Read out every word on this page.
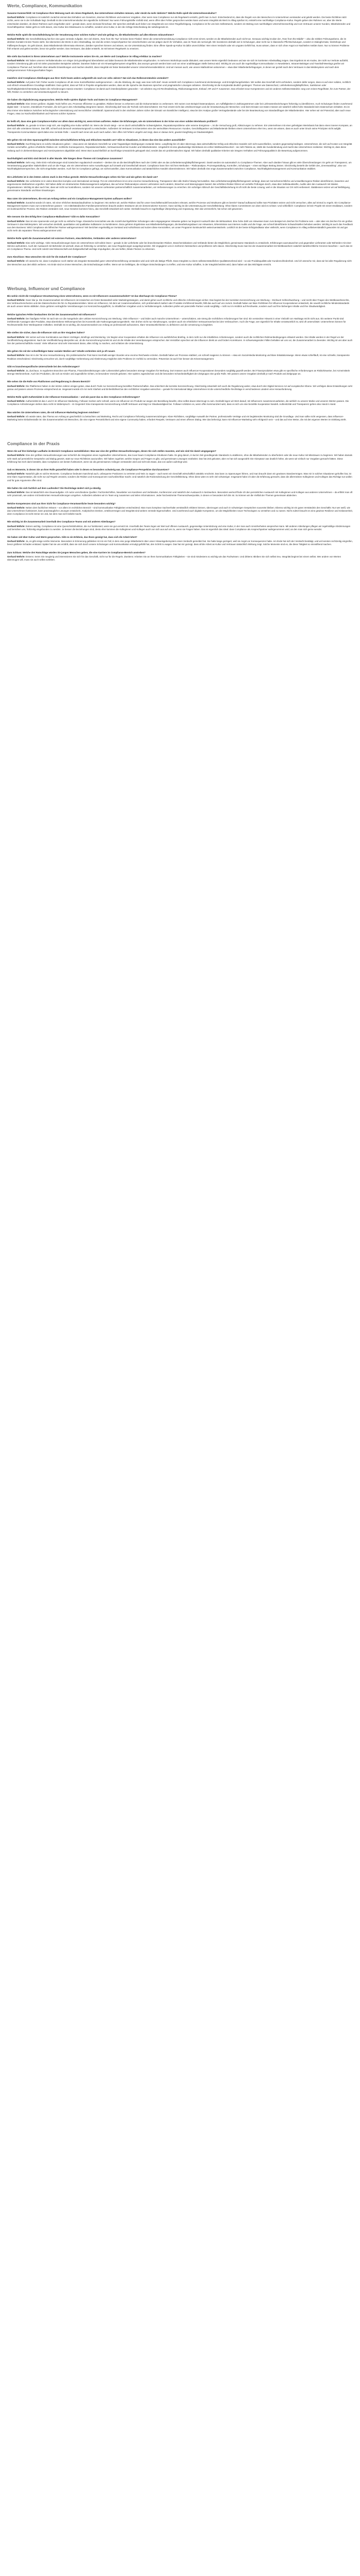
Werte, Compliance, Kommunikation

Susanne Kummerfeldt: Ist Compliance Ihrer Meinung nach ein reines Regelwerk, das Unternehmen einhalten müssen, oder steckt da mehr dahinter? Welche Rolle spielt die Unternehmenskultur?

Gerhard Wöhrle: Compliance ist natürlich zunächst einmal das Einhalten von Gesetzen, internen Richtlinien und externen Vorgaben. Aber wenn man Compliance nur als Regelwerk versteht, greift man zu kurz. Entscheidend ist, dass die Regeln von den Menschen im Unternehmen verstanden und gelebt werden. Die beste Richtlinie nützt nichts, wenn sie in der Schublade liegt. Deshalb ist die Unternehmenskultur der eigentliche Schlüssel: Nur wenn Führungskräfte Vorbild sind, wenn offen über Fehler gesprochen werden kann und wenn Integrität als Wert im Alltag spürbar ist, entsteht eine nachhaltige Compliance-Kultur. Regeln geben den Rahmen vor, aber die Werte entscheiden darüber, ob dieser Rahmen auch eingehalten wird – gerade dann, wenn niemand hinschaut. Wir sprechen deshalb auch lieber von Integrität als von reiner Regelbefolgung. Compliance ist für uns kein Selbstzweck, sondern ein Beitrag zum nachhaltigen Unternehmenserfolg und zum Vertrauen unserer Kunden, Mitarbeitenden und Geschäftspartner. Dabei geht es nicht darum, eine Kultur des Misstrauens zu schaffen, sondern eine Kultur, in der die richtige Entscheidung die naheliegende ist.

Welche Rolle spielt die Geschäftsleitung bei der Verankerung einer solchen Kultur? Und wie gelingt es, die Mitarbeitenden auf allen Ebenen mitzunehmen?

Gerhard Wöhrle: Die Geschäftsleitung hat hier eine ganz zentrale Aufgabe. Der viel zitierte „Tone from the Top“ ist keine leere Floskel. Wenn die Unternehmensleitung Compliance nicht ernst nimmt, werden es die Mitarbeitenden auch nicht tun. Genauso wichtig ist aber der „Tone from the Middle“ – also die mittlere Führungsebene, die im direkten Kontakt mit den Teams steht. Sie übersetzen die Werte in den Arbeitsalltag, sie sind die ersten Ansprechpartner bei Unsicherheiten und sie prägen durch ihr Verhalten, was im Team als normal gilt. Wir investieren deshalb viel in Schulungen, aber nicht nur in klassische Pflichtschulungen, sondern in Dialogformate, Workshops und Fallbesprechungen. Es geht darum, dass Mitarbeitende Dilemmata erkennen, darüber sprechen können und wissen, wo sie Unterstützung finden. Eine offene Speak-up-Kultur ist dafür unverzichtbar: Wer einen Verdacht oder ein ungutes Gefühl hat, muss wissen, dass er sich ohne Angst vor Nachteilen melden kann. Nur so können Probleme früh erkannt und gelöst werden, bevor sie größer werden. Das Vertrauen, das dabei entsteht, ist mit keinem Regelwerk zu ersetzen.

Wie sieht das konkret in Ihrem Unternehmen aus? Welche Instrumente setzen Sie ein, um Werte und Compliance im Alltag erlebbar zu machen?

Gerhard Wöhrle: Wir haben unseren Verhaltenskodex vor einiger Zeit grundlegend überarbeitet und dabei bewusst die Mitarbeitenden eingebunden. In mehreren Workshops wurde diskutiert, was unsere Werte eigentlich bedeuten und wie sie sich im konkreten Arbeitsalltag zeigen. Das Ergebnis ist ein Kodex, der nicht nur Verbote aufzählt, sondern Orientierung gibt und mit vielen praxisnahen Beispielen arbeitet. Daneben haben wir ein Hinweisgebersystem eingeführt, das anonym genutzt werden kann und von einer unabhängigen Stelle betreut wird. Wichtig ist uns auch die regelmäßige Kommunikation: In Newslettern, Intranet-Beiträgen und Townhall-Meetings greifen wir Compliance-Themen auf, berichten über aktuelle Entwicklungen und machen deutlich, dass Integrität ein fester Bestandteil unserer Unternehmensidentität ist. Und wir messen auch, wie unsere Maßnahmen ankommen – etwa über Mitarbeiterbefragungen, in denen wir gezielt nach dem Vertrauen in das Meldesystem und nach dem wahrgenommenen Führungsverhalten fragen.

Inwiefern sind Compliance-Abteilungen aus Ihrer Sicht heute anders aufgestellt als noch vor zehn Jahren? Hat sich das Rollenverständnis verändert?

Gerhard Wöhrle: Auf jeden Fall. Früher wurde Compliance oft als reine Kontrollfunktion wahrgenommen – als die Abteilung, die sagt, was man nicht darf. Heute versteht sich Compliance zunehmend als Beratungs- und Ermöglichungsfunktion. Wir wollen das Geschäft nicht verhindern, sondern dafür sorgen, dass es auf einer soliden, rechtlich und ethisch einwandfreien Grundlage stattfindet. Dazu gehört, dass wir früh in Projekte eingebunden werden, dass wir die Sprache des Business sprechen und pragmatische Lösungen anbieten. Gleichzeitig ist die Komplexität deutlich gestiegen: Themen wie Datenschutz, Lieferkettensorgfaltspflichten, Sanktionen oder Nachhaltigkeitsberichterstattung haben die Anforderungen massiv erweitert. Compliance ist damit auch interdisziplinärer geworden – wir arbeiten eng mit Rechtsabteilung, Risikomanagement, Einkauf, HR und IT zusammen. Das erfordert neue Kompetenzen und ein anderes Selbstverständnis: weg vom reinen Regelhüter, hin zum Partner, der hilft, Risiken zu verstehen und verantwortungsvoll zu steuern.

Sie haben die Digitalisierung angesprochen. Welche Rolle spielen digitale Tools und Daten im Compliance-Management?

Gerhard Wöhrle: Eine immer größere. Digitale Tools helfen uns, Prozesse effizienter zu gestalten, Risiken besser zu erkennen und die Dokumentation zu verbessern. Wir nutzen zum Beispiel Datenanalysen, um Auffälligkeiten in Zahlungsströmen oder bei Lieferantenbeziehungen frühzeitig zu identifizieren. Auch Schulungen finden zunehmend digital statt – in kurzen, interaktiven Formaten, die sich gut in den Arbeitsalltag integrieren lassen. Gleichzeitig darf man die Technik nicht überschätzen: Ein Tool ersetzt nicht das Urteilsvermögen und die Verantwortung der Menschen. Und beim Einsatz von Daten müssen wir natürlich selbst hohe Standards beim Datenschutz einhalten. Es ist also immer eine Balance zwischen technologischer Unterstützung und menschlicher Urteilskraft. Spannend wird in den nächsten Jahren sicher der Einsatz von künstlicher Intelligenz, etwa bei der Analyse großer Vertragsbestände oder bei der Beantwortung von Standardfragen der Mitarbeitenden. Hier sehen wir viel Potenzial, aber auch neue Fragen, etwa zur Nachvollziehbarkeit und Fairness solcher Systeme.

Es heißt oft, dass eine gute Compliance-Kultur vor allem dann wichtig ist, wenn Krisen auftreten. Haben Sie Erfahrungen, wie ein Unternehmen in der Krise von einer soliden Wertebasis profitiert?

Gerhard Wöhrle: Ja, gerade in Krisen zeigt sich, wie tragfähig eine Kultur wirklich ist. Wenn der Druck steigt – sei es durch wirtschaftliche Schwierigkeiten, Reputationsprobleme oder externe Ereignisse –, ist die Versuchung groß, Abkürzungen zu nehmen. Ein Unternehmen mit einer gefestigten Wertebasis hat dann einen inneren Kompass, an dem sich alle orientieren können. Das hilft, schnell und dennoch verantwortungsvoll zu entscheiden. Außerdem ist Vertrauen in Krisenzeiten eine der wertvollsten Ressourcen: Kunden, Geschäftspartner und Mitarbeitende bleiben einem Unternehmen eher treu, wenn sie wissen, dass es auch unter Druck seine Prinzipien nicht aufgibt. Transparente Kommunikation spielt dabei eine zentrale Rolle – sowohl nach innen als auch nach außen. Wer offen mit Fehlern umgeht und zeigt, dass er daraus lernt, gewinnt langfristig an Glaubwürdigkeit.

Wie gehen Sie mit dem Spannungsfeld zwischen wirtschaftlichem Erfolg und ethischem Handeln um? Gibt es Situationen, in denen das eine das andere ausschließt?

Gerhard Wöhrle: Kurzfristig kann es solche Situationen geben – etwa wenn ein lukratives Geschäft nur unter fragwürdigen Bedingungen zustande käme. Langfristig bin ich aber überzeugt, dass wirtschaftlicher Erfolg und ethisches Handeln sich nicht ausschließen, sondern gegenseitig bedingen. Unternehmen, die sich auf Kosten von Integrität Vorteile verschaffen, gehen erhebliche Risiken ein: rechtliche Konsequenzen, Reputationsschäden, Vertrauensverlust bei Kunden und Mitarbeitenden. Umgekehrt ist eine glaubwürdige Wertebasis ein echter Wettbewerbsvorteil – sie zieht Talente an, stärkt die Kundenbindung und macht das Unternehmen resilienter. Wichtig ist, dass diese Haltung auch in Zielvereinbarungen und Anreizsystemen abgebildet wird. Wenn Boni ausschließlich an kurzfristige Umsatzziele gekoppelt sind, sendet das ein problematisches Signal. Wir haben deshalb qualitative Kriterien wie integres Verhalten und Führungsqualität in die Bewertung aufgenommen.

Nachhaltigkeit und ESG sind derzeit in aller Munde. Wie hängen diese Themen mit Compliance zusammen?

Gerhard Wöhrle: Sehr eng. Viele ESG-Anforderungen sind inzwischen regulatorisch verankert – denken Sie an die Berichtspflichten nach der CSRD oder an das Lieferkettensorgfaltspflichtengesetz. Damit werden sie automatisch zu Compliance-Themen. Aber auch darüber hinaus gibt es viele Überschneidungen: Es geht um Transparenz, um Verantwortung gegenüber Stakeholdern und um die Frage, wie ein Unternehmen seine Auswirkungen auf Umwelt und Gesellschaft steuert. Compliance kann hier mit ihren Methoden – Risikoanalyse, Prozessgestaltung, Kontrollen, Schulungen – einen wichtigen Beitrag leisten. Gleichzeitig besteht die Gefahr des „Greenwashing“, also von Nachhaltigkeitsversprechen, die nicht eingehalten werden. Auch hier ist Compliance gefragt, um sicherzustellen, dass Kommunikation und tatsächliches Handeln übereinstimmen. Wir haben deshalb eine enge Zusammenarbeit zwischen Compliance, Nachhaltigkeitsmanagement und Kommunikation etabliert.

Die Lieferkette ist in den letzten Jahren stark in den Fokus gerückt. Welche Herausforderungen sehen Sie hier und wie gehen Sie damit um?

Gerhard Wöhrle: Die Lieferkette ist in vielen Branchen komplex und international verzweigt. Für ein Unternehmen ist es eine enorme Herausforderung, Transparenz über alle Stufen hinweg herzustellen. Das Lieferkettensorgfaltspflichtengesetz verlangt, dass wir menschenrechtliche und umweltbezogene Risiken identifizieren, bewerten und angemessene Maßnahmen ergreifen. Wir haben dafür ein strukturiertes Risikomanagement aufgebaut, das auf einer Risikoanalyse unserer Lieferanten nach Ländern, Branchen und Warengruppen basiert. Bei erhöhten Risiken führen wir vertiefte Prüfungen durch, etwa über Selbstauskünfte, Audits oder den Austausch mit lokalen Organisationen. Wichtig ist aber auch hier, dass wir nicht nur kontrollieren, sondern mit unseren Lieferanten partnerschaftlich zusammenarbeiten, um Verbesserungen zu erreichen. Ein sofortiger Abbruch der Geschäftsbeziehung ist oft nicht die beste Lösung, weil er die Situation vor Ort nicht verbessert. Stattdessen setzen wir auf Befähigung, gemeinsame Standards und klare Erwartungen.

Was raten Sie Unternehmen, die erst am Anfang stehen und ein Compliance-Management-System aufbauen wollen?

Gerhard Wöhrle: Zunächst würde ich raten, mit einer ehrlichen Bestandsaufnahme zu beginnen: Wo stehen wir, welche Risiken sind für unser Geschäftsmodell besonders relevant, welche Prozesse und Strukturen gibt es bereits? Darauf aufbauend sollte man Prioritäten setzen und nicht versuchen, alles auf einmal zu regeln. Ein Compliance-Management-System muss zum Unternehmen passen – ein mittelständisches Familienunternehmen braucht andere Strukturen als ein börsennotierter Konzern. Ganz wichtig ist die Unterstützung der Geschäftsleitung: Ohne klares Commitment von oben wird es schwer. Und schließlich: Compliance ist kein Projekt mit einem Enddatum, sondern ein kontinuierlicher Prozess. Die Risiken verändern sich, neue Gesetze kommen hinzu, das Geschäft entwickelt sich weiter. Deshalb braucht es regelmäßige Überprüfung und Anpassung. Wer das verinnerlicht, hat schon viel gewonnen.

Wie messen Sie den Erfolg Ihrer Compliance-Maßnahmen? Gibt es dafür Kennzahlen?

Gerhard Wöhrle: Das ist eine spannende und gar nicht so einfache Frage. Klassische Kennzahlen wie die Anzahl durchgeführter Schulungen oder eingegangener Hinweise geben nur begrenzt Auskunft über die Wirksamkeit. Eine hohe Zahl von Hinweisen kann zum Beispiel ein Zeichen für Probleme sein – oder aber ein Zeichen für ein großes Vertrauen in das Meldesystem. Wir versuchen deshalb, quantitative und qualitative Indikatoren zu kombinieren. Dazu gehören Ergebnisse aus Mitarbeiterbefragungen, die Bearbeitungsdauer von Hinweisen, Erkenntnisse aus internen Audits und die Frage, wie schnell identifizierte Schwachstellen behoben werden. Wichtig ist auch das Feedback aus dem Business: Wird Compliance als hilfreicher Partner wahrgenommen? Wir berichten regelmäßig an Vorstand und Aufsichtsrat und nutzen diese Kennzahlen, um unser Programm kontinuierlich weiterzuentwickeln. Letztlich ist der beste Erfolgsindikator aber vielleicht, wenn Compliance im Alltag selbstverständlich geworden ist und gar nicht mehr als separates Thema wahrgenommen wird.

Welche Rolle spielt die Zusammenarbeit mit externen Partnern, etwa Behörden, Verbänden oder anderen Unternehmen?

Gerhard Wöhrle: Eine sehr wichtige. Viele Herausforderungen kann ein Unternehmen nicht allein lösen – gerade in der Lieferkette oder bei branchenweiten Risiken. Brancheninitiativen und Verbände bieten die Möglichkeit, gemeinsame Standards zu entwickeln, Erfahrungen auszutauschen und gegenüber Lieferanten oder Behörden mit einer Stimme aufzutreten. Auch der Austausch mit Behörden ist wertvoll, etwa um frühzeitig zu verstehen, wie neue Regulierungen ausgelegt werden. Wir engagieren uns in mehreren Netzwerken und profitieren sehr davon. Gleichzeitig muss man bei der Zusammenarbeit mit Wettbewerbern natürlich kartellrechtliche Grenzen beachten – auch das ist ein Compliance-Thema. Und nicht zuletzt sind Wissenschaft und Zivilgesellschaft wichtige Impulsgeber, die uns helfen, blinde Flecken zu erkennen.

Zum Abschluss: Was wünschen Sie sich für die Zukunft der Compliance?

Gerhard Wöhrle: Ich wünsche mir, dass Compliance noch stärker als integraler Bestandteil guter Unternehmensführung verstanden wird und nicht als lästige Pflicht. Dass Integrität zu einem selbstverständlichen Qualitätsmerkmal wird – so wie Produktqualität oder Kundenzufriedenheit. Und ich wünsche mir, dass wir bei aller Regulierung nicht den Menschen aus dem Blick verlieren. Am Ende sind es immer Menschen, die Entscheidungen treffen. Wenn wir sie befähigen, die richtigen Entscheidungen zu treffen, und eine Kultur schaffen, in der Integrität belohnt wird, dann haben wir das Wichtigste erreicht.

Werbung, Influencer und Compliance

Bis wohin reicht die Compliance-Verantwortung eines Unternehmens, wenn es mit Influencern zusammenarbeitet? Ist das überhaupt ein Compliance-Thema?

Gerhard Wöhrle: Ganz klar ja. Die Zusammenarbeit mit Influencern ist inzwischen ein fester Bestandteil vieler Marketingstrategien, und damit gehen auch rechtliche und ethische Anforderungen einher. Das beginnt bei der korrekten Kennzeichnung von Werbung – Stichwort Schleichwerbung – und reicht über Fragen des Wettbewerbsrechts, des Verbraucherschutzes und des Datenschutzes bis hin zu Reputationsrisiken. Wenn ein Influencer, mit dem wir zusammenarbeiten, sich problematisch äußert oder Produkte irreführend bewirbt, fällt das auch auf uns zurück. Deshalb haben wir klare Richtlinien für Influencer-Kooperationen entwickelt, die sowohl rechtliche Mindeststandards als auch unsere Werte abbilden. Dazu gehören vertragliche Vereinbarungen zur Kennzeichnungspflicht, zu inhaltlichen Vorgaben und zu Verhaltensregeln. Außerdem prüfen wir potenzielle Partner vorab sorgfältig – nicht nur im Hinblick auf Reichweite, sondern auch auf ihre bisherigen Inhalte und ihre Glaubwürdigkeit.

Welche typischen Fehler beobachten Sie bei der Zusammenarbeit mit Influencern?

Gerhard Wöhrle: Der häufigste Fehler ist nach wie vor die mangelnde oder unklare Kennzeichnung von Werbung. Viele Influencer – und leider auch manche Unternehmen – unterschätzen, wie streng die rechtlichen Anforderungen hier sind. Ein versteckter Hinweis in einer Vielzahl von Hashtags reicht nicht aus. Ein weiterer Punkt sind irreführende Aussagen über Produkte, etwa übertriebene Wirkversprechen bei Kosmetik oder Nahrungsergänzungsmitteln. Hier drohen nicht nur Abmahnungen, sondern auch ein erheblicher Vertrauensverlust bei den Verbrauchern. Auch die Frage, wer eigentlich für Inhalte verantwortlich ist, wird oft unterschätzt: Unternehmen können für Rechtsverstöße ihrer Werbepartner mithaften. Deshalb ist es wichtig, die Zusammenarbeit von Anfang an professionell aufzusetzen, klare Verantwortlichkeiten zu definieren und die Umsetzung zu begleiten.

Wie stellen Sie sicher, dass die Influencer sich an Ihre Vorgaben halten?

Gerhard Wöhrle: Wir setzen auf eine Kombination aus klaren Verträgen, Briefings und Monitoring. Vor Beginn einer Kooperation erhalten die Influencer ein ausführliches Briefing, in dem nicht nur die inhaltlichen Anforderungen, sondern auch die rechtlichen Rahmenbedingungen erläutert werden. Die Inhalte werden in der Regel vor der Veröffentlichung abgestimmt. Nach der Veröffentlichung überprüfen wir, ob die Kennzeichnung korrekt ist und ob die Inhalte den Vereinbarungen entsprechen. Bei Verstößen sprechen wir die Influencer direkt an und fordern Korrekturen. In schwerwiegenden Fällen behalten wir uns vor, die Zusammenarbeit zu beenden. Wichtig ist uns aber auch hier der partnerschaftliche Ansatz: Viele Influencer sind sehr interessiert daran, alles richtig zu machen, und schätzen die Unterstützung.

Wie gehen Sie mit der schnelllebigen Natur sozialer Medien um? Inhalte verbreiten sich ja oft rasant.

Gerhard Wöhrle: Das ist in der Tat eine Herausforderung. Ein problematischer Post kann innerhalb weniger Stunden eine enorme Reichweite erzielen. Deshalb haben wir Prozesse etabliert, um schnell reagieren zu können – etwa ein Social-Media-Monitoring und klare Eskalationswege. Wenn etwas schiefläuft, ist eine schnelle, transparente Reaktion entscheidend. Gleichzeitig versuchen wir, durch sorgfältige Vorbereitung und Abstimmung möglichst viele Probleme im Vorfeld zu vermeiden. Prävention ist auch hier besser als Krisenmanagement.

Gibt es branchenspezifische Unterschiede bei den Anforderungen?

Gerhard Wöhrle: Ja, durchaus. In regulierten Branchen wie Pharma, Finanzdienstleistungen oder Lebensmittel gelten besonders strenge Vorgaben für Werbung. Dort müssen auch Influencer-Kooperationen besonders sorgfältig geprüft werden. Bei Finanzprodukten etwa gibt es spezifische Anforderungen an Risikohinweise, bei Arzneimitteln strenge Werbeverbote. Auch bei Produkten, die sich an Kinder und Jugendliche richten, ist besondere Vorsicht geboten. Hier spielen Jugendschutz und die besondere Schutzbedürftigkeit der Zielgruppe eine große Rolle. Wir passen unsere Vorgaben deshalb je nach Produkt und Zielgruppe an.

Wie sehen Sie die Rolle von Plattformen und Regulierung in diesem Bereich?

Gerhard Wöhrle: Die Plattformen haben in den letzten Jahren einiges getan, etwa durch Tools zur Kennzeichnung bezahlter Partnerschaften. Das erleichtert die korrekte Kennzeichnung. Gleichzeitig entwickelt sich auch die Regulierung weiter, etwa durch den Digital Services Act auf europäischer Ebene. Wir verfolgen diese Entwicklungen sehr genau und passen unsere Prozesse entsprechend an. Insgesamt würde ich mir mehr Klarheit und Einheitlichkeit bei den rechtlichen Vorgaben wünschen – gerade für international tätige Unternehmen ist die unterschiedliche Rechtslage in verschiedenen Ländern eine Herausforderung.

Welche Rolle spielt Authentizität in der Influencer-Kommunikation – und wie passt das zu den Compliance-Anforderungen?

Gerhard Wöhrle: Authentizität ist das A und O im Influencer-Marketing. Follower merken sehr schnell, wenn ein Influencer ein Produkt nur wegen der Bezahlung bewirbt, ohne selbst davon überzeugt zu sein. Deshalb legen wir Wert darauf, mit Influencern zusammenzuarbeiten, die wirklich zu unserer Marke und unseren Werten passen. Die Compliance-Anforderungen stehen dazu nicht im Widerspruch – im Gegenteil: Eine transparente Kennzeichnung schafft Vertrauen und trägt zur Glaubwürdigkeit bei. Follower schätzen es, wenn offen kommuniziert wird, dass es sich um eine bezahlte Kooperation handelt. Authentizität und Transparenz gehen also Hand in Hand.

Was würden Sie Unternehmen raten, die mit Influencer-Marketing beginnen möchten?

Gerhard Wöhrle: Ich würde raten, das Thema von Anfang an ganzheitlich zu betrachten und Marketing, Recht und Compliance frühzeitig zusammenzubringen. Klare Richtlinien, sorgfältige Auswahl der Partner, professionelle Verträge und ein begleitendes Monitoring sind die Grundlage. Und man sollte nicht vergessen, dass Influencer-Marketing keine Einbahnstraße ist: Die Zusammenarbeit mit Menschen, die eine eigene Persönlichkeit und eine eigene Community haben, erfordert Respekt, Vertrauen und einen offenen Dialog. Wer das beherzigt, kann mit Influencer-Marketing sehr erfolgreich sein – und das auf eine Weise, die mit den eigenen Werten im Einklang steht.

Compliance in der Praxis

Wenn Sie auf Ihre bisherige Laufbahn im Bereich Compliance zurückblicken: Was war eine der größten Herausforderungen, denen Sie sich stellen mussten, und wie sind Sie damit umgegangen?

Gerhard Wöhrle: Eine der größten Herausforderungen war sicherlich die Integration eines zugekauften Unternehmens, das zuvor kaum Compliance-Strukturen hatte. Es ging darum, in kurzer Zeit grundlegende Standards zu etablieren, ohne die Mitarbeitenden zu überfordern oder die neue Kultur mit Misstrauen zu beginnen. Wir haben damals sehr stark auf persönliche Gespräche und Dialog gesetzt, statt nur neue Richtlinien auszurollen. Wir haben zugehört, welche Sorgen und Fragen es gibt, und gemeinsam Lösungen erarbeitet. Das hat Zeit gekostet, aber es hat sich ausgezahlt: Die Akzeptanz war deutlich höher, als wenn wir einfach nur Vorgaben gemacht hätten. Diese Erfahrung hat mich darin bestärkt, dass Compliance am besten funktioniert, wenn sie als gemeinsames Anliegen verstanden wird und nicht als etwas, das von außen auferlegt wird.

Gab es Momente, in denen Sie an Ihrer Rolle gezweifelt haben oder in denen es besonders schwierig war, die Compliance-Perspektive durchzusetzen?

Gerhard Wöhrle: Natürlich gibt es solche Momente. Compliance bedeutet manchmal auch, unbequeme Positionen zu vertreten und Nein zu sagen – auch wenn ein Geschäft wirtschaftlich attraktiv erscheint. Das kann zu Spannungen führen, und man braucht dann ein gewisses Standvermögen. Was mir in solchen Situationen geholfen hat, ist eine klare Argumentation, die nicht nur auf Regeln verweist, sondern die Risiken und Konsequenzen nachvollziehbar macht. Und natürlich die Rückendeckung der Geschäftsleitung. Ohne diese wäre es sehr viel schwieriger. Insgesamt habe ich aber die Erfahrung gemacht, dass die allermeisten Kolleginnen und Kollegen das Richtige tun wollen und für gute Argumente offen sind.

Wie halten Sie sich fachlich auf dem Laufenden? Die Rechtslage ändert sich ja ständig.

Gerhard Wöhrle: Das ist tatsächlich eine Daueraufgabe. Ich nutze verschiedene Quellen: Fachzeitschriften, Newsletter von Kanzleien und Verbänden, Konferenzen und natürlich den Austausch in Netzwerken. Besonders wertvoll finde ich den persönlichen Austausch mit Kolleginnen und Kollegen aus anderen Unternehmen – da erfährt man oft sehr praxisnah, wie andere mit bestimmten Herausforderungen umgehen. Außerdem arbeiten wir im Team eng zusammen und teilen Informationen. Jeder hat bestimmte Themenschwerpunkte, in denen er besonders tief drin ist. So können wir die Vielfalt der Themen gemeinsam abdecken.

Welche Kompetenzen sind aus Ihrer Sicht für Compliance-Verantwortliche heute besonders wichtig?

Gerhard Wöhrle: Neben dem fachlichen Wissen – vor allem im rechtlichen Bereich – sind kommunikative Fähigkeiten entscheidend. Man muss komplexe Sachverhalte verständlich erklären können, überzeugen und auch in schwierigen Gesprächen souverän bleiben. Ebenso wichtig ist ein gutes Verständnis des Geschäfts: Nur wer weiß, wie das Unternehmen funktioniert, kann praxistaugliche Lösungen entwickeln. Analytisches Denken, Urteilsvermögen und Integrität sind weitere zentrale Eigenschaften. Und zunehmend auch digitale Kompetenz, um die Möglichkeiten neuer Technologien zu verstehen und zu nutzen. Nicht zuletzt braucht es eine gewisse Resilienz und Gelassenheit, denn Compliance ist nicht immer ein Job, bei dem man sich beliebt macht.

Wie wichtig ist die Zusammenarbeit innerhalb des Compliance-Teams und mit anderen Abteilungen?

Gerhard Wöhrle: Extrem wichtig. Compliance ist eine Querschnittsfunktion, die nur funktioniert, wenn sie gut vernetzt ist. Innerhalb des Teams legen wir Wert auf offenen Austausch, gegenseitige Unterstützung und eine Kultur, in der man auch Unsicherheiten ansprechen kann. Mit anderen Abteilungen pflegen wir regelmäßige Abstimmungen und bemühen uns, frühzeitig eingebunden zu werden. Je besser die Beziehungen sind, desto eher kommen die Kolleginnen und Kollegen auch von sich aus auf uns zu, wenn sie Fragen haben. Das ist eigentlich das Ideal: dass Compliance als Ansprechpartner wahrgenommen wird, an den man sich gerne wendet.

Sie haben viel über Kultur und Werte gesprochen. Gibt es ein Erlebnis, das Ihnen gezeigt hat, dass sich die Arbeit lohnt?

Gerhard Wöhrle: Ja, es gibt einige solche Momente. Besonders in Erinnerung geblieben ist mir ein Fall, in dem eine junge Mitarbeiterin über unser Hinweisgebersystem einen Verdacht gemeldet hat. Sie hatte lange gezögert, weil sie Angst vor Konsequenzen hatte. Am Ende hat sich der Verdacht bestätigt, und wir konnten rechtzeitig eingreifen, bevor größerer Schaden entstand. Später hat sie uns erzählt, dass sie sich durch unsere Schulungen und Kommunikation ermutigt gefühlt hat, den Schritt zu wagen. Das hat mir gezeigt, dass all die Arbeit an Kultur und Vertrauen tatsächlich Wirkung zeigt. Solche Momente sind es, die diese Tätigkeit so sinnstiftend machen.

Zum Schluss: Welche drei Ratschläge würden Sie jungen Menschen geben, die eine Karriere im Compliance-Bereich anstreben?

Gerhard Wöhrle: Erstens: Seien Sie neugierig und interessieren Sie sich für das Geschäft, nicht nur für die Regeln. Zweitens: Arbeiten Sie an Ihren kommunikativen Fähigkeiten – sie sind mindestens so wichtig wie das Fachwissen. Und drittens: Bleiben Sie sich selbst treu. Integrität beginnt bei einem selbst. Wer andere von Werten überzeugen will, muss sie auch selbst vorleben.
